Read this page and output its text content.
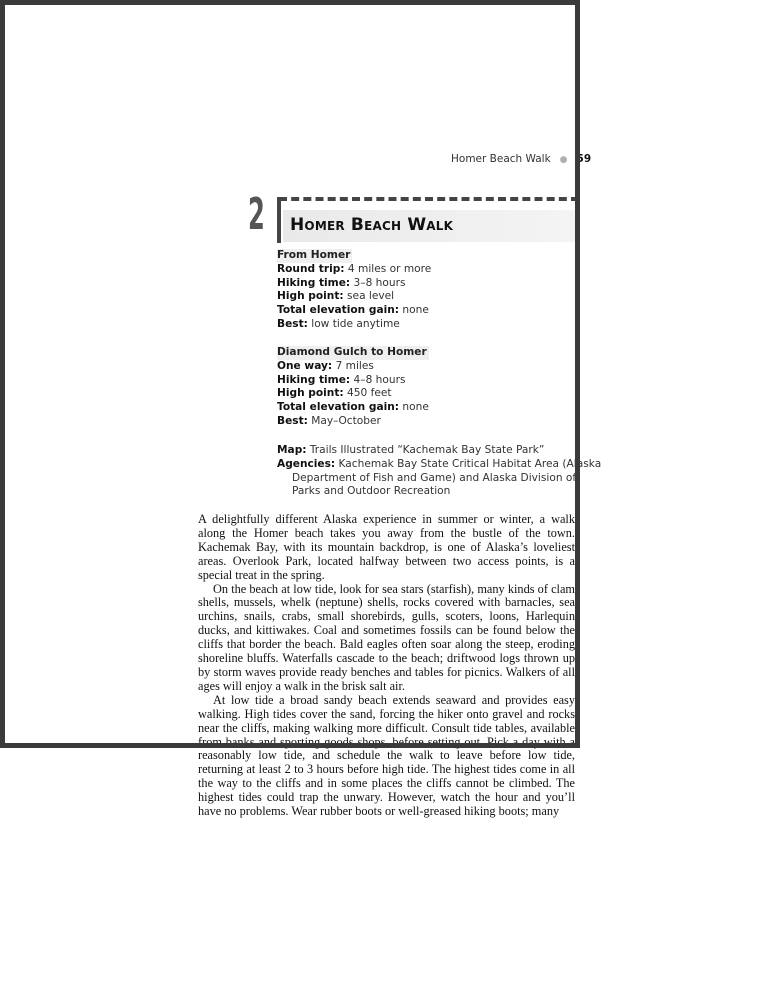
Homer Beach Walk ● 59
2 Homer Beach Walk
From Homer
Round trip: 4 miles or more
Hiking time: 3–8 hours
High point: sea level
Total elevation gain: none
Best: low tide anytime
Diamond Gulch to Homer
One way: 7 miles
Hiking time: 4–8 hours
High point: 450 feet
Total elevation gain: none
Best: May–October
Map: Trails Illustrated “Kachemak Bay State Park”
Agencies: Kachemak Bay State Critical Habitat Area (Alaska
Department of Fish and Game) and Alaska Division of
Parks and Outdoor Recreation

A delightfully different Alaska experience in summer or winter, a walk along the Homer beach takes you away from the bustle of the town. Kachemak Bay, with its mountain backdrop, is one of Alaska’s loveliest areas. Overlook Park, located halfway between two access points, is a special treat in the spring.

On the beach at low tide, look for sea stars (starfish), many kinds of clam shells, mussels, whelk (neptune) shells, rocks covered with barnacles, sea urchins, snails, crabs, small shorebirds, gulls, scoters, loons, Harlequin ducks, and kittiwakes. Coal and sometimes fossils can be found below the cliffs that border the beach. Bald eagles often soar along the steep, eroding shoreline bluffs. Waterfalls cascade to the beach; driftwood logs thrown up by storm waves provide ready benches and tables for picnics. Walkers of all ages will enjoy a walk in the brisk salt air.

At low tide a broad sandy beach extends seaward and provides easy walking. High tides cover the sand, forcing the hiker onto gravel and rocks near the cliffs, making walking more difficult. Consult tide tables, available from banks and sporting goods shops, before setting out. Pick a day with a reasonably low tide, and schedule the walk to leave before low tide, returning at least 2 to 3 hours before high tide. The highest tides come in all the way to the cliffs and in some places the cliffs cannot be climbed. The highest tides could trap the unwary. However, watch the hour and you’ll have no problems. Wear rubber boots or well-greased hiking boots; many
